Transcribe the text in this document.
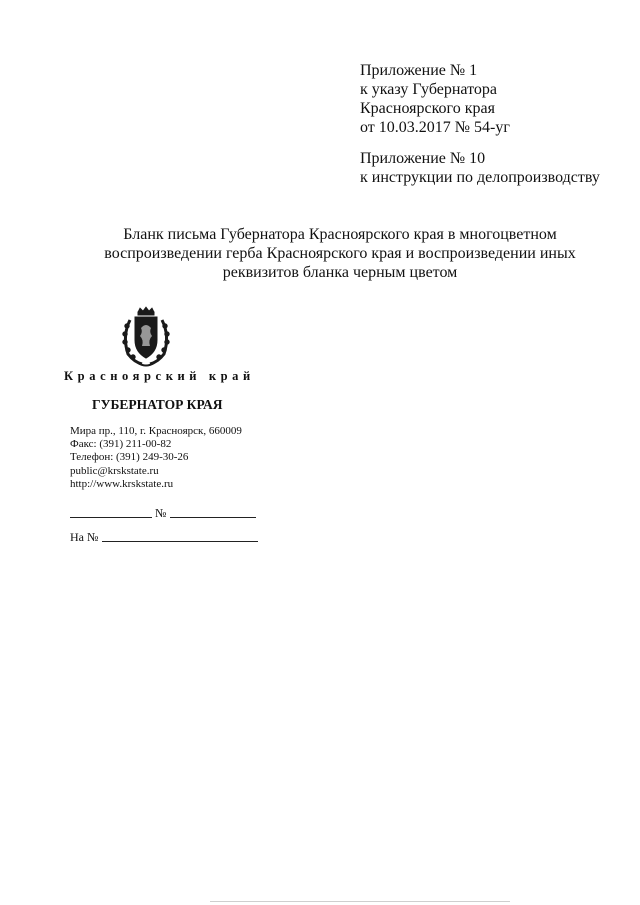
Приложение № 1
к указу Губернатора
Красноярского края
от 10.03.2017 № 54-уг
Приложение № 10
к инструкции по делопроизводству
Бланк письма Губернатора Красноярского края в многоцветном
воспроизведении герба Красноярского края и воспроизведении иных
реквизитов бланка черным цветом
Красноярский край
ГУБЕРНАТОР КРАЯ
Мира пр., 110, г. Красноярск, 660009
Факс: (391) 211-00-82
Телефон: (391) 249-30-26
public@krskstate.ru
http://www.krskstate.ru
№
На №
